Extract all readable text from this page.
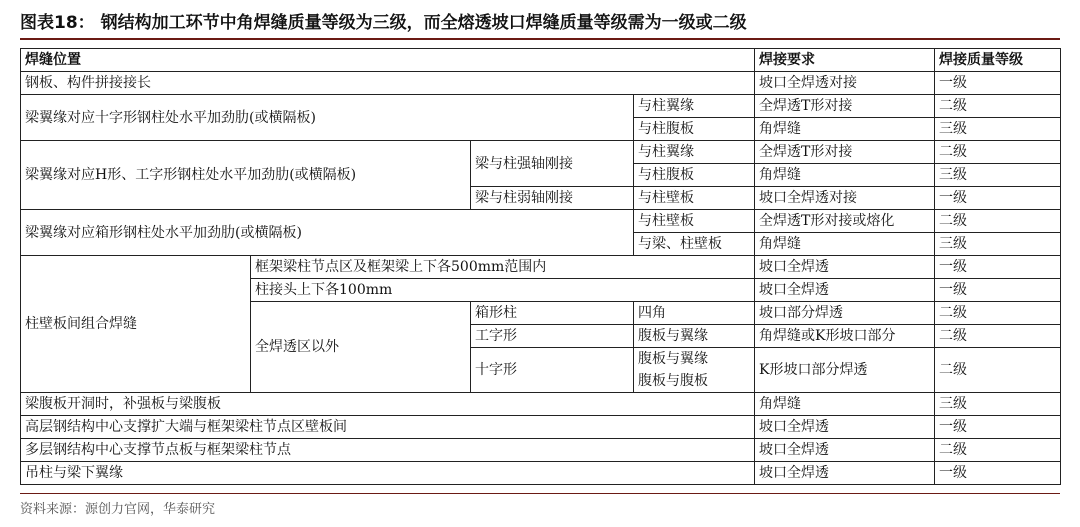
图表18： 钢结构加工环节中角焊缝质量等级为三级，而全熔透坡口焊缝质量等级需为一级或二级
焊缝位置				焊接要求	焊接质量等级
钢板、构件拼接接长				坡口全焊透对接	一级
梁翼缘对应十字形钢柱处水平加劲肋(或横隔板)			与柱翼缘	全焊透T形对接	二级
			与柱腹板	角焊缝	三级
梁翼缘对应H形、工字形钢柱处水平加劲肋(或横隔板)		梁与柱强轴刚接	与柱翼缘	全焊透T形对接	二级
			与柱腹板	角焊缝	三级
		梁与柱弱轴刚接	与柱壁板	坡口全焊透对接	一级
梁翼缘对应箱形钢柱处水平加劲肋(或横隔板)			与柱壁板	全焊透T形对接或熔化	二级
			与梁、柱壁板	角焊缝	三级
柱壁板间组合焊缝	框架梁柱节点区及框架梁上下各500mm范围内			坡口全焊透	一级
	柱接头上下各100mm			坡口全焊透	一级
	全焊透区以外	箱形柱	四角	坡口部分焊透	二级
		工字形	腹板与翼缘	角焊缝或K形坡口部分	二级
		十字形	腹板与翼缘	K形坡口部分焊透	二级
			腹板与腹板		
梁腹板开洞时，补强板与梁腹板				角焊缝	三级
高层钢结构中心支撑扩大端与框架梁柱节点区壁板间				坡口全焊透	一级
多层钢结构中心支撑节点板与框架梁柱节点				坡口全焊透	二级
吊柱与梁下翼缘				坡口全焊透	一级
资料来源：源创力官网，华泰研究
